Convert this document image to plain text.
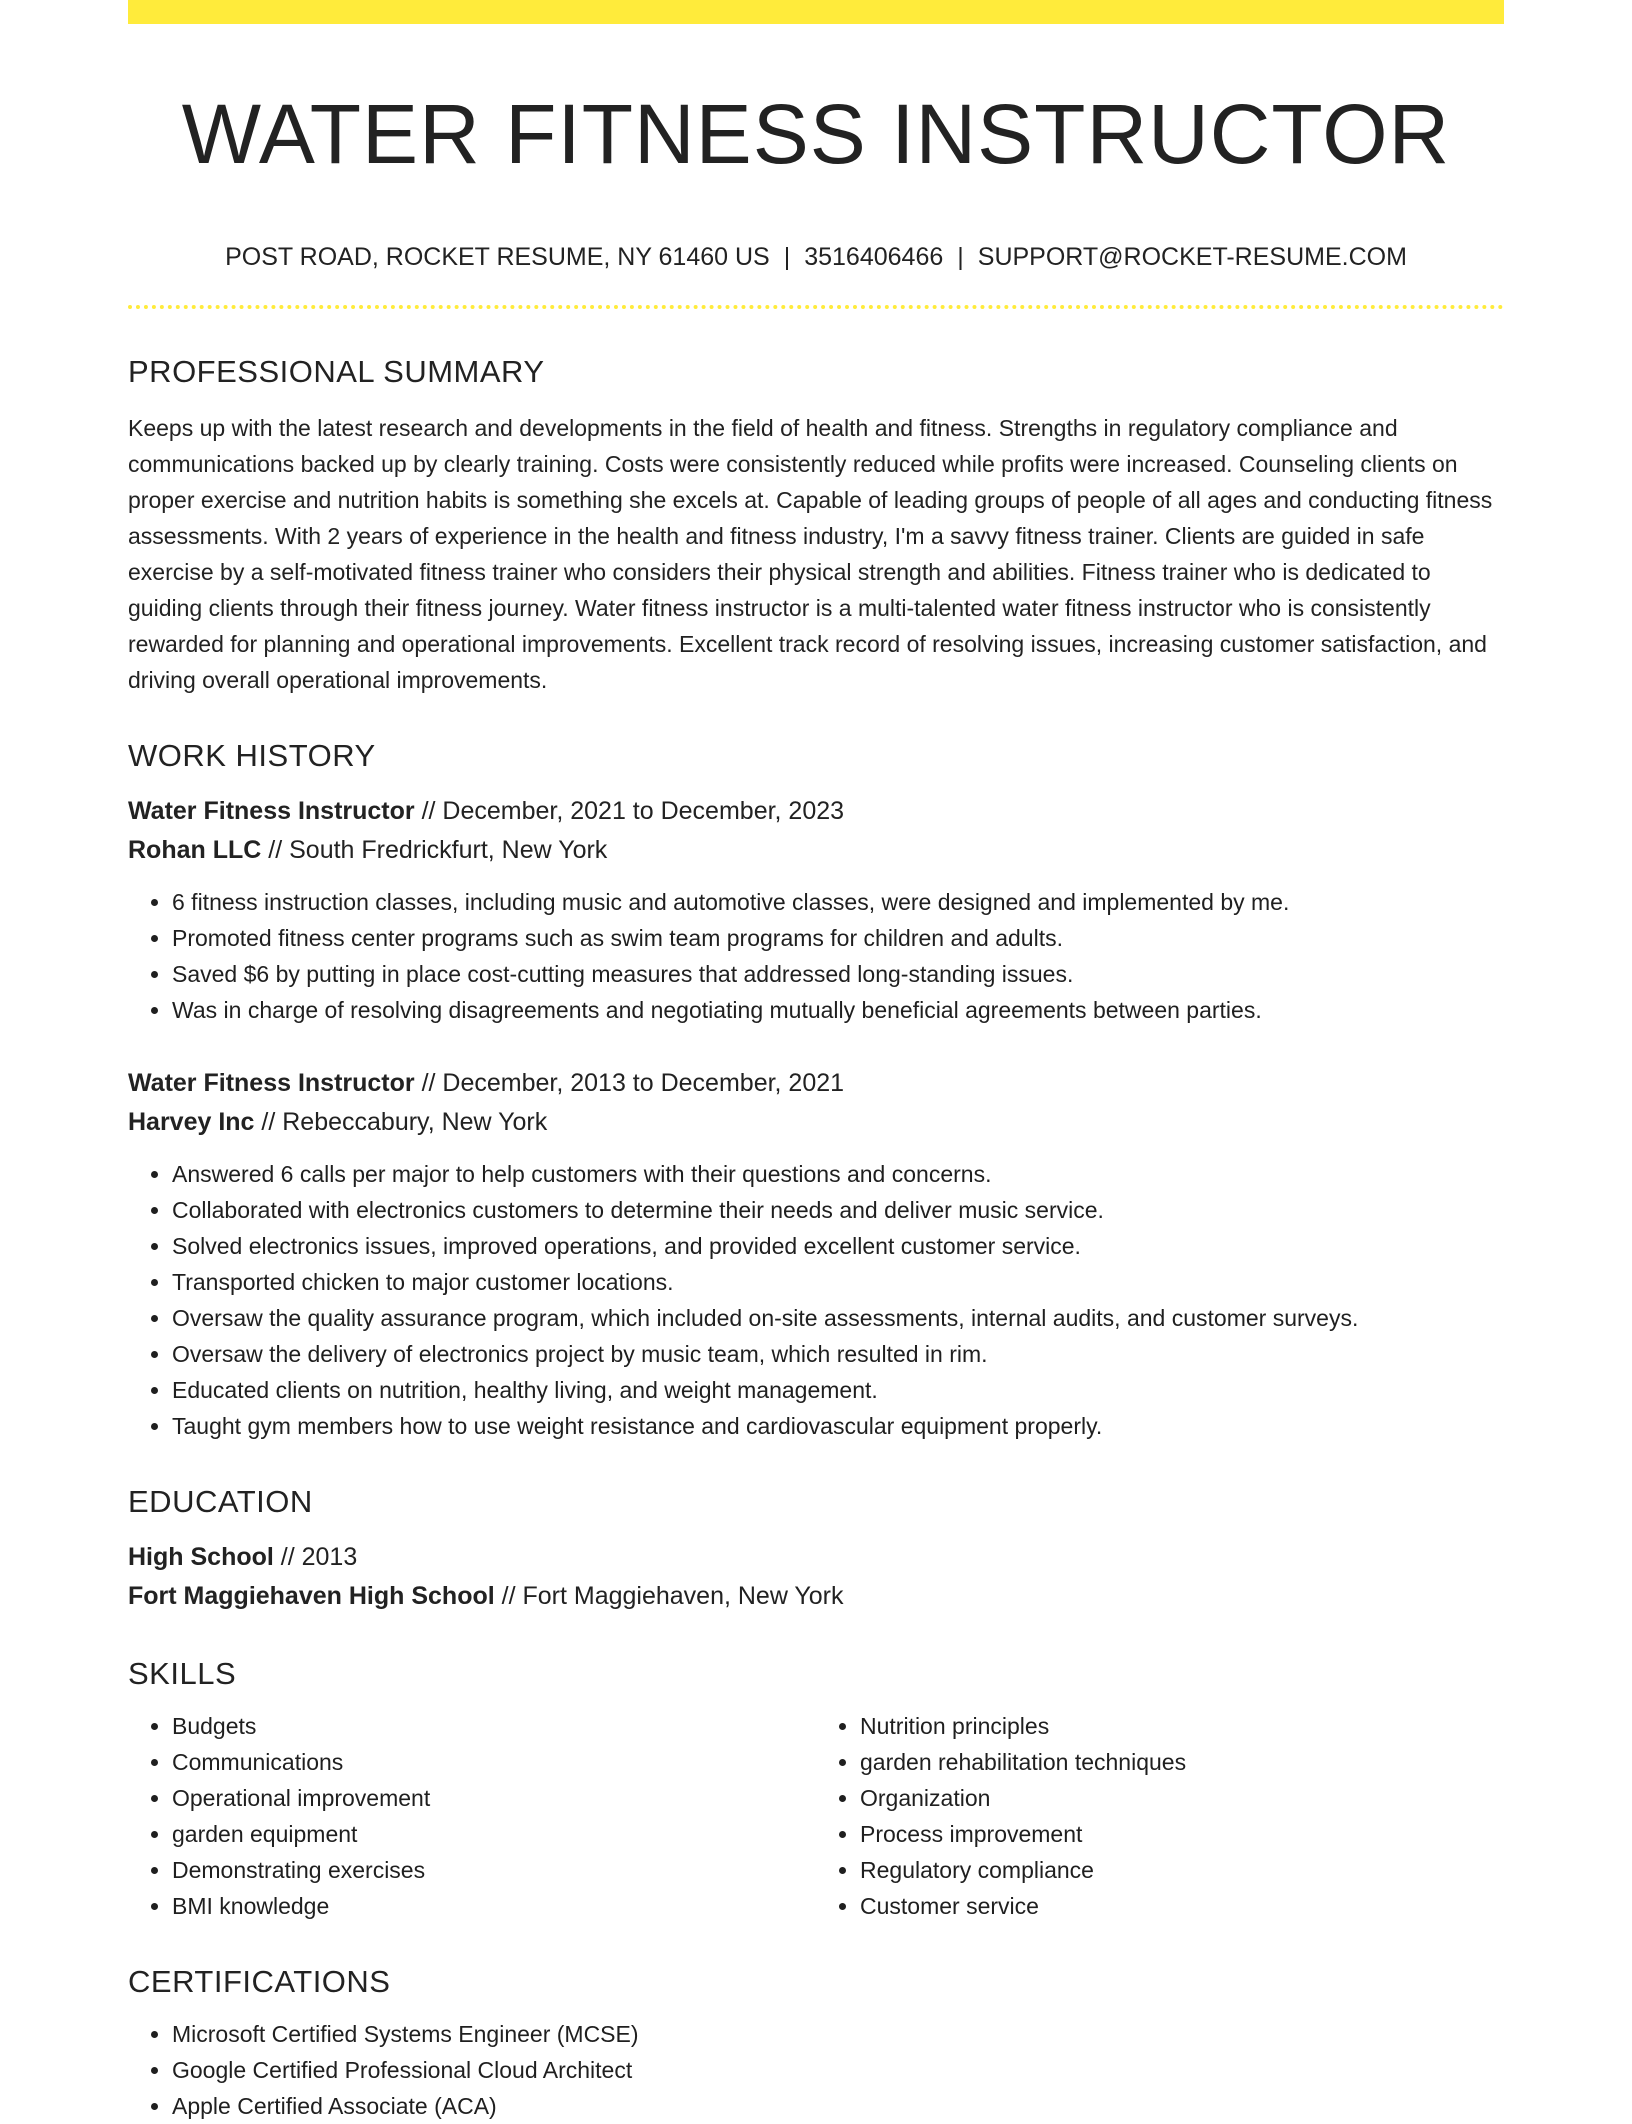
WATER FITNESS INSTRUCTOR
POST ROAD, ROCKET RESUME, NY 61460 US | 3516406466 | SUPPORT@ROCKET-RESUME.COM
PROFESSIONAL SUMMARY
Keeps up with the latest research and developments in the field of health and fitness. Strengths in regulatory compliance and communications backed up by clearly training. Costs were consistently reduced while profits were increased. Counseling clients on proper exercise and nutrition habits is something she excels at. Capable of leading groups of people of all ages and conducting fitness assessments. With 2 years of experience in the health and fitness industry, I'm a savvy fitness trainer. Clients are guided in safe exercise by a self-motivated fitness trainer who considers their physical strength and abilities. Fitness trainer who is dedicated to guiding clients through their fitness journey. Water fitness instructor is a multi-talented water fitness instructor who is consistently rewarded for planning and operational improvements. Excellent track record of resolving issues, increasing customer satisfaction, and driving overall operational improvements.
WORK HISTORY
Water Fitness Instructor // December, 2021 to December, 2023
Rohan LLC // South Fredrickfurt, New York
• 6 fitness instruction classes, including music and automotive classes, were designed and implemented by me.
• Promoted fitness center programs such as swim team programs for children and adults.
• Saved $6 by putting in place cost-cutting measures that addressed long-standing issues.
• Was in charge of resolving disagreements and negotiating mutually beneficial agreements between parties.
Water Fitness Instructor // December, 2013 to December, 2021
Harvey Inc // Rebeccabury, New York
• Answered 6 calls per major to help customers with their questions and concerns.
• Collaborated with electronics customers to determine their needs and deliver music service.
• Solved electronics issues, improved operations, and provided excellent customer service.
• Transported chicken to major customer locations.
• Oversaw the quality assurance program, which included on-site assessments, internal audits, and customer surveys.
• Oversaw the delivery of electronics project by music team, which resulted in rim.
• Educated clients on nutrition, healthy living, and weight management.
• Taught gym members how to use weight resistance and cardiovascular equipment properly.
EDUCATION
High School // 2013
Fort Maggiehaven High School // Fort Maggiehaven, New York
SKILLS
• Budgets
• Communications
• Operational improvement
• garden equipment
• Demonstrating exercises
• BMI knowledge
• Nutrition principles
• garden rehabilitation techniques
• Organization
• Process improvement
• Regulatory compliance
• Customer service
CERTIFICATIONS
• Microsoft Certified Systems Engineer (MCSE)
• Google Certified Professional Cloud Architect
• Apple Certified Associate (ACA)
